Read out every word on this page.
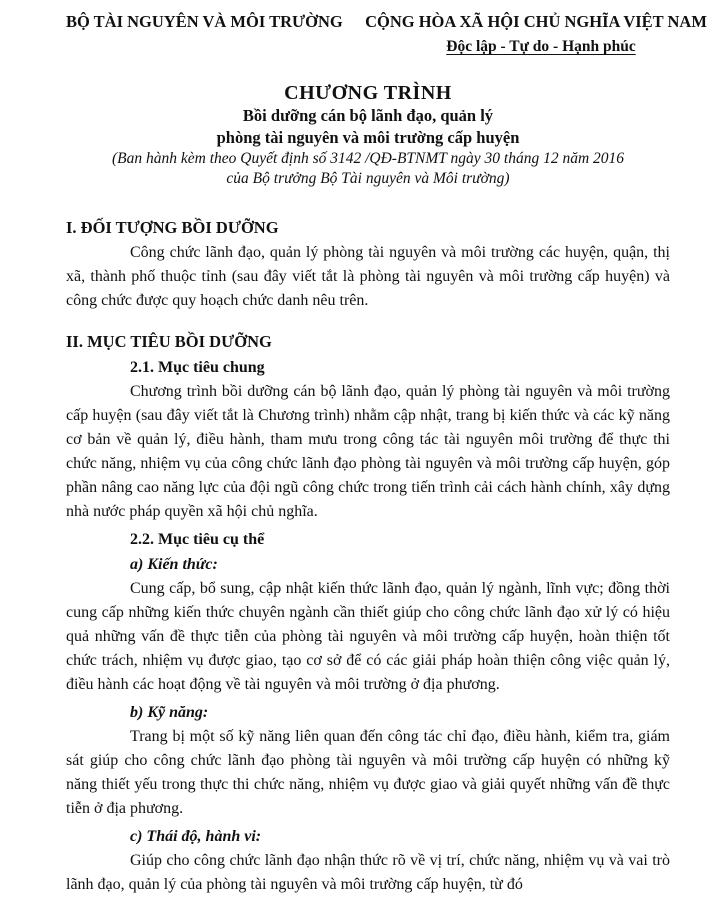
BỘ TÀI NGUYÊN VÀ MÔI TRƯỜNG	CỘNG HÒA XÃ HỘI CHỦ NGHĨA VIỆT NAM
Độc lập - Tự do - Hạnh phúc
CHƯƠNG TRÌNH
Bồi dưỡng cán bộ lãnh đạo, quản lý
phòng tài nguyên và môi trường cấp huyện
(Ban hành kèm theo Quyết định số 3142 /QĐ-BTNMT ngày 30 tháng 12 năm 2016
của Bộ trưởng Bộ Tài nguyên và Môi trường)
I. ĐỐI TƯỢNG BỒI DƯỠNG

Công chức lãnh đạo, quản lý phòng tài nguyên và môi trường các huyện, quận, thị xã, thành phố thuộc tỉnh (sau đây viết tắt là phòng tài nguyên và môi trường cấp huyện) và công chức được quy hoạch chức danh nêu trên.

II. MỤC TIÊU BỒI DƯỠNG
2.1. Mục tiêu chung

Chương trình bồi dưỡng cán bộ lãnh đạo, quản lý phòng tài nguyên và môi trường cấp huyện (sau đây viết tắt là Chương trình) nhằm cập nhật, trang bị kiến thức và các kỹ năng cơ bản về quản lý, điều hành, tham mưu trong công tác tài nguyên môi trường để thực thi chức năng, nhiệm vụ của công chức lãnh đạo phòng tài nguyên và môi trường cấp huyện, góp phần nâng cao năng lực của đội ngũ công chức trong tiến trình cải cách hành chính, xây dựng nhà nước pháp quyền xã hội chủ nghĩa.

2.2. Mục tiêu cụ thể
a) Kiến thức:

Cung cấp, bổ sung, cập nhật kiến thức lãnh đạo, quản lý ngành, lĩnh vực; đồng thời cung cấp những kiến thức chuyên ngành cần thiết giúp cho công chức lãnh đạo xử lý có hiệu quả những vấn đề thực tiễn của phòng tài nguyên và môi trường cấp huyện, hoàn thiện tốt chức trách, nhiệm vụ được giao, tạo cơ sở để có các giải pháp hoàn thiện công việc quản lý, điều hành các hoạt động về tài nguyên và môi trường ở địa phương.

b) Kỹ năng:

Trang bị một số kỹ năng liên quan đến công tác chỉ đạo, điều hành, kiểm tra, giám sát giúp cho công chức lãnh đạo phòng tài nguyên và môi trường cấp huyện có những kỹ năng thiết yếu trong thực thi chức năng, nhiệm vụ được giao và giải quyết những vấn đề thực tiễn ở địa phương.

c) Thái độ, hành vi:

Giúp cho công chức lãnh đạo nhận thức rõ về vị trí, chức năng, nhiệm vụ và vai trò lãnh đạo, quản lý của phòng tài nguyên và môi trường cấp huyện, từ đó
